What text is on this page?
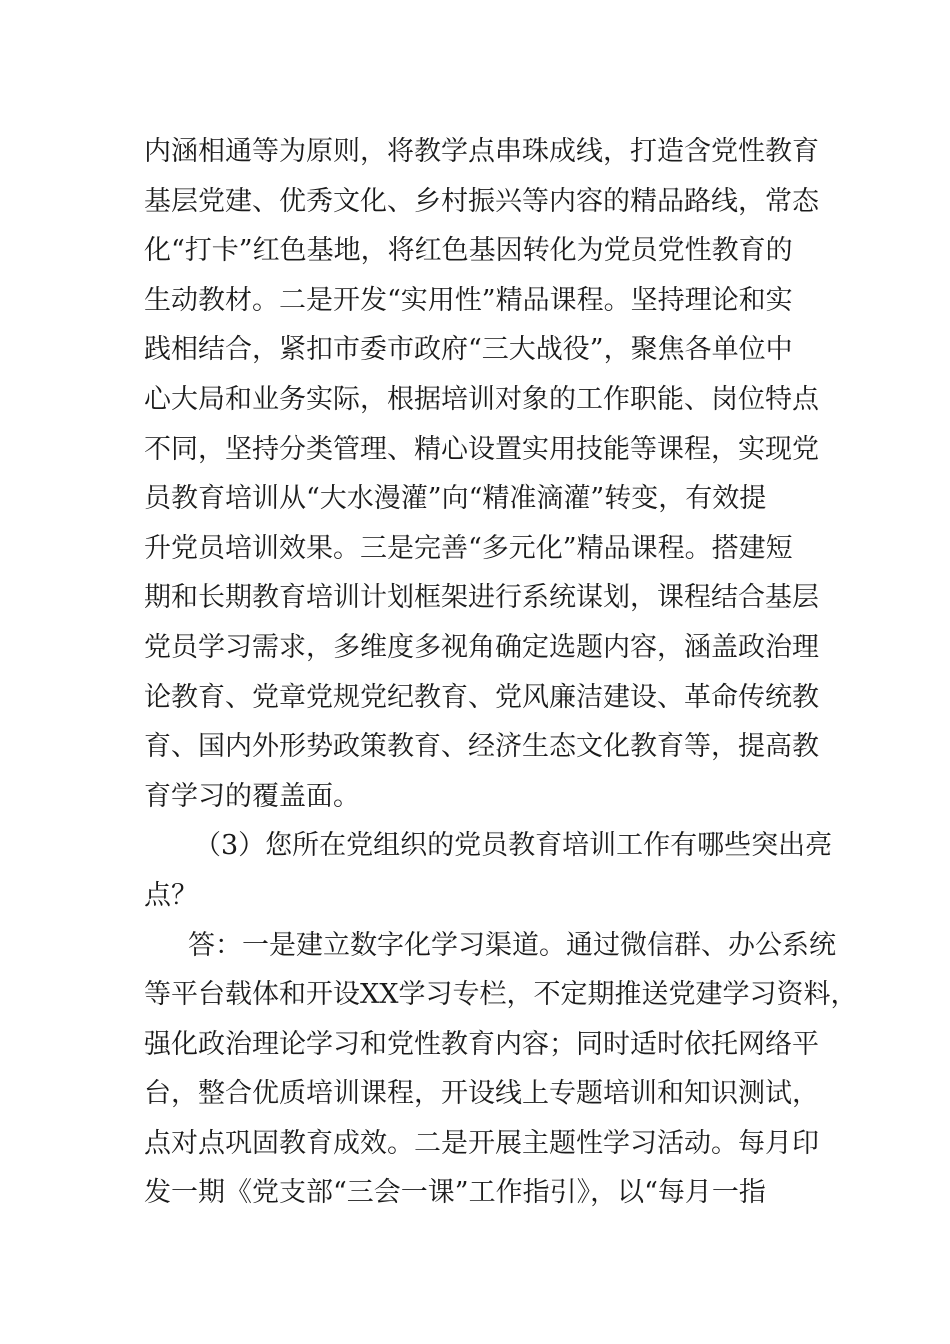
内涵相通等为原则，将教学点串珠成线，打造含党性教育
基层党建、优秀文化、乡村振兴等内容的精品路线，常态
化“打卡”红色基地，将红色基因转化为党员党性教育的
生动教材。二是开发“实用性”精品课程。坚持理论和实
践相结合，紧扣市委市政府“三大战役”，聚焦各单位中
心大局和业务实际，根据培训对象的工作职能、岗位特点
不同，坚持分类管理、精心设置实用技能等课程，实现党
员教育培训从“大水漫灌”向“精准滴灌”转变，有效提
升党员培训效果。三是完善“多元化”精品课程。搭建短
期和长期教育培训计划框架进行系统谋划，课程结合基层
党员学习需求，多维度多视角确定选题内容，涵盖政治理
论教育、党章党规党纪教育、党风廉洁建设、革命传统教
育、国内外形势政策教育、经济生态文化教育等，提高教
育学习的覆盖面。
（3）您所在党组织的党员教育培训工作有哪些突出亮
点？
答：一是建立数字化学习渠道。通过微信群、办公系统
等平台载体和开设XX学习专栏，不定期推送党建学习资料，
强化政治理论学习和党性教育内容；同时适时依托网络平
台，整合优质培训课程，开设线上专题培训和知识测试，
点对点巩固教育成效。二是开展主题性学习活动。每月印
发一期《党支部“三会一课”工作指引》，以“每月一指
